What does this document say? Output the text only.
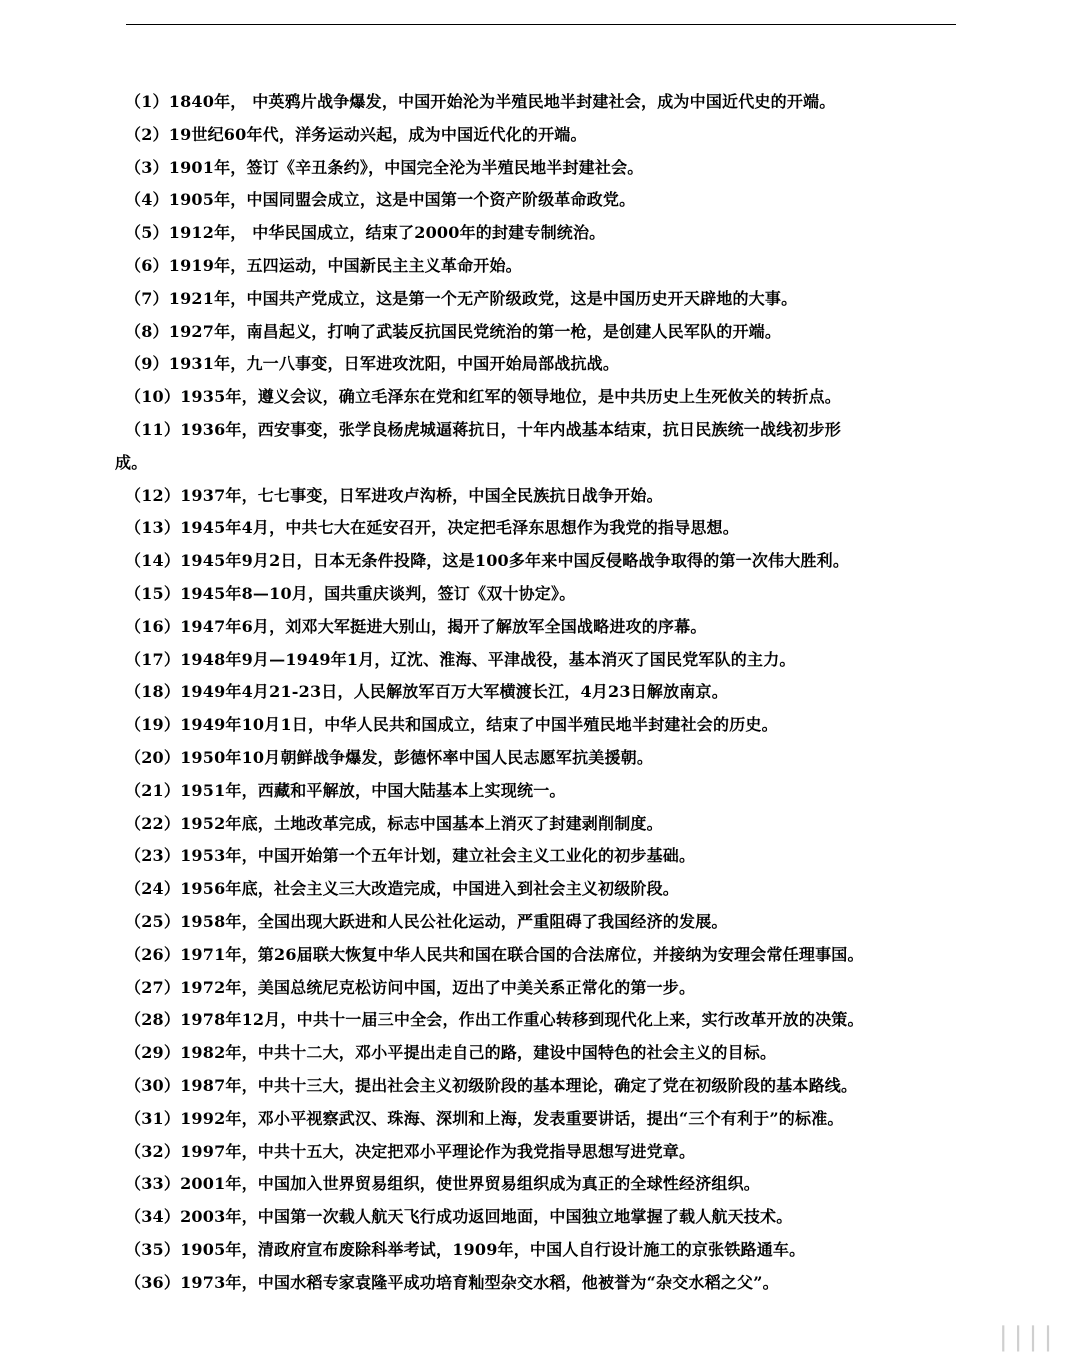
（1）1840年， 中英鸦片战争爆发，中国开始沦为半殖民地半封建社会，成为中国近代史的开端。
（2）19世纪60年代，洋务运动兴起，成为中国近代化的开端。
（3）1901年，签订《辛丑条约》，中国完全沦为半殖民地半封建社会。
（4）1905年，中国同盟会成立，这是中国第一个资产阶级革命政党。
（5）1912年， 中华民国成立，结束了2000年的封建专制统治。
（6）1919年，五四运动，中国新民主主义革命开始。
（7）1921年，中国共产党成立，这是第一个无产阶级政党，这是中国历史开天辟地的大事。
（8）1927年，南昌起义，打响了武装反抗国民党统治的第一枪，是创建人民军队的开端。
（9）1931年，九一八事变，日军进攻沈阳，中国开始局部战抗战。
（10）1935年，遵义会议，确立毛泽东在党和红军的领导地位，是中共历史上生死攸关的转折点。
（11）1936年，西安事变，张学良杨虎城逼蒋抗日，十年内战基本结束，抗日民族统一战线初步形
成。
（12）1937年，七七事变，日军进攻卢沟桥，中国全民族抗日战争开始。
（13）1945年4月，中共七大在延安召开，决定把毛泽东思想作为我党的指导思想。
（14）1945年9月2日，日本无条件投降，这是100多年来中国反侵略战争取得的第一次伟大胜利。
（15）1945年8—10月，国共重庆谈判，签订《双十协定》。
（16）1947年6月，刘邓大军挺进大别山，揭开了解放军全国战略进攻的序幕。
（17）1948年9月—1949年1月，辽沈、淮海、平津战役，基本消灭了国民党军队的主力。
（18）1949年4月21-23日，人民解放军百万大军横渡长江，4月23日解放南京。
（19）1949年10月1日，中华人民共和国成立，结束了中国半殖民地半封建社会的历史。
（20）1950年10月朝鲜战争爆发，彭德怀率中国人民志愿军抗美援朝。
（21）1951年，西藏和平解放，中国大陆基本上实现统一。
（22）1952年底，土地改革完成，标志中国基本上消灭了封建剥削制度。
（23）1953年，中国开始第一个五年计划，建立社会主义工业化的初步基础。
（24）1956年底，社会主义三大改造完成，中国进入到社会主义初级阶段。
（25）1958年，全国出现大跃进和人民公社化运动，严重阻碍了我国经济的发展。
（26）1971年，第26届联大恢复中华人民共和国在联合国的合法席位，并接纳为安理会常任理事国。
（27）1972年，美国总统尼克松访问中国，迈出了中美关系正常化的第一步。
（28）1978年12月，中共十一届三中全会，作出工作重心转移到现代化上来，实行改革开放的决策。
（29）1982年，中共十二大，邓小平提出走自己的路，建设中国特色的社会主义的目标。
（30）1987年，中共十三大，提出社会主义初级阶段的基本理论，确定了党在初级阶段的基本路线。
（31）1992年，邓小平视察武汉、珠海、深圳和上海，发表重要讲话，提出“三个有利于”的标准。
（32）1997年，中共十五大，决定把邓小平理论作为我党指导思想写进党章。
（33）2001年，中国加入世界贸易组织，使世界贸易组织成为真正的全球性经济组织。
（34）2003年，中国第一次载人航天飞行成功返回地面，中国独立地掌握了载人航天技术。
（35）1905年，清政府宣布废除科举考试，1909年，中国人自行设计施工的京张铁路通车。
（36）1973年，中国水稻专家袁隆平成功培育籼型杂交水稻，他被誉为“杂交水稻之父”。
▏▏▏▏
